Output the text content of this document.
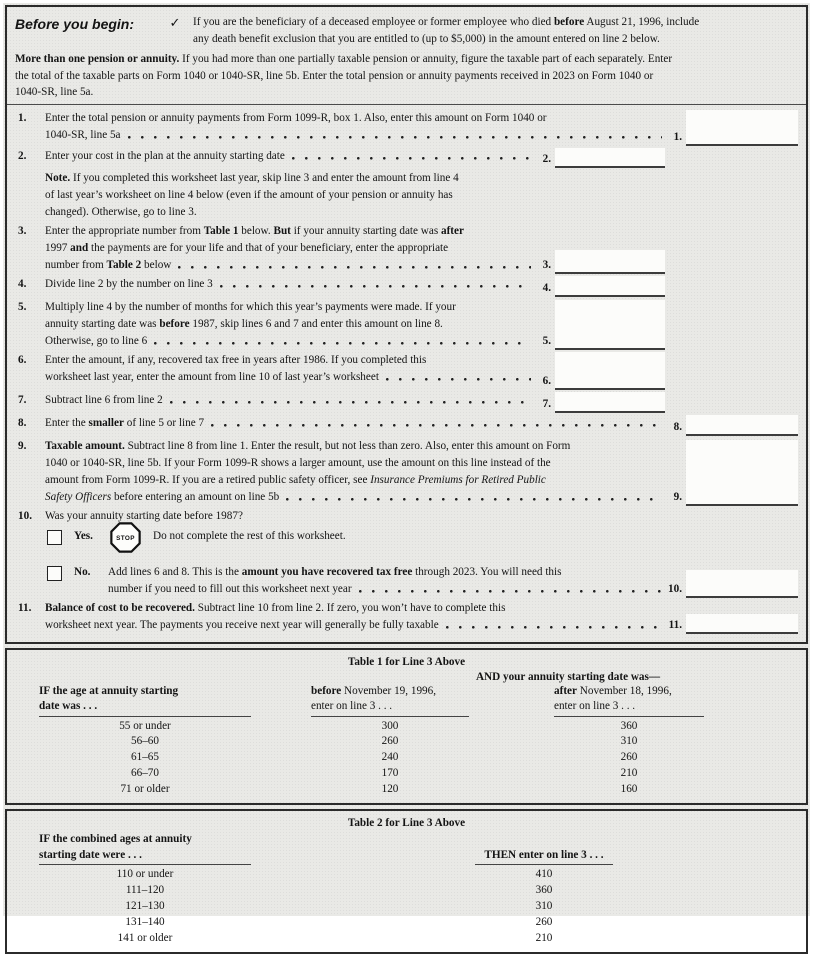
Before you begin:	✓	If you are the beneficiary of a deceased employee or former employee who died before August 21, 1996, include
any death benefit exclusion that you are entitled to (up to $5,000) in the amount entered on line 2 below.
More than one pension or annuity. If you had more than one partially taxable pension or annuity, figure the taxable part of each separately. Enter
the total of the taxable parts on Form 1040 or 1040-SR, line 5b. Enter the total pension or annuity payments received in 2023 on Form 1040 or
1040-SR, line 5a.
1.	Enter the total pension or annuity payments from Form 1099-R, box 1. Also, enter this amount on Form 1040 or
1040-SR, line 5a	1.
2.	Enter your cost in the plan at the annuity starting date	2.
Note. If you completed this worksheet last year, skip line 3 and enter the amount from line 4
of last year’s worksheet on line 4 below (even if the amount of your pension or annuity has
changed). Otherwise, go to line 3.
3.	Enter the appropriate number from Table 1 below. But if your annuity starting date was after
1997 and the payments are for your life and that of your beneficiary, enter the appropriate
number from Table 2 below	3.
4.	Divide line 2 by the number on line 3	4.
5.	Multiply line 4 by the number of months for which this year’s payments were made. If your
annuity starting date was before 1987, skip lines 6 and 7 and enter this amount on line 8.
Otherwise, go to line 6	5.
6.	Enter the amount, if any, recovered tax free in years after 1986. If you completed this
worksheet last year, enter the amount from line 10 of last year’s worksheet	6.
7.	Subtract line 6 from line 2	7.
8.	Enter the smaller of line 5 or line 7	8.
9.	Taxable amount. Subtract line 8 from line 1. Enter the result, but not less than zero. Also, enter this amount on Form
1040 or 1040-SR, line 5b. If your Form 1099-R shows a larger amount, use the amount on this line instead of the
amount from Form 1099-R. If you are a retired public safety officer, see Insurance Premiums for Retired Public
Safety Officers before entering an amount on line 5b	9.
10.	Was your annuity starting date before 1987?
Yes.	STOP Do not complete the rest of this worksheet.
No.	Add lines 6 and 8. This is the amount you have recovered tax free through 2023. You will need this
number if you need to fill out this worksheet next year	10.
11.	Balance of cost to be recovered. Subtract line 10 from line 2. If zero, you won’t have to complete this
worksheet next year. The payments you receive next year will generally be fully taxable	11.
Table 1 for Line 3 Above
AND your annuity starting date was—
IF the age at annuity starting
date was . . .
before November 19, 1996,
enter on line 3 . . .
after November 18, 1996,
enter on line 3 . . .
55 or under	300	360
56–60	260	310
61–65	240	260
66–70	170	210
71 or older	120	160
Table 2 for Line 3 Above
IF the combined ages at annuity
starting date were . . .	THEN enter on line 3 . . .
110 or under	410
111–120	360
121–130	310
131–140	260
141 or older	210
